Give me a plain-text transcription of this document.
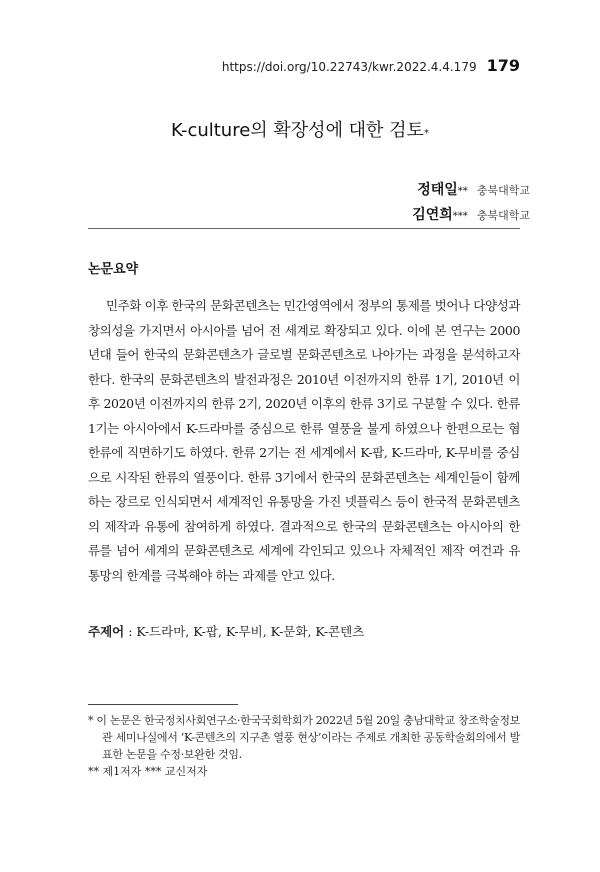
https://doi.org/10.22743/kwr.2022.4.4.179 179
K-culture의 확장성에 대한 검토*
정태일** 충북대학교
김연희*** 충북대학교
논문요약

민주화 이후 한국의 문화콘텐츠는 민간영역에서 정부의 통제를 벗어나 다양성과 창의성을 가지면서 아시아를 넘어 전 세계로 확장되고 있다. 이에 본 연구는 2000년대 들어 한국의 문화콘텐츠가 글로벌 문화콘텐츠로 나아가는 과정을 분석하고자 한다. 한국의 문화콘텐츠의 발전과정은 2010년 이전까지의 한류 1기, 2010년 이후 2020년 이전까지의 한류 2기, 2020년 이후의 한류 3기로 구분할 수 있다. 한류 1기는 아시아에서 K-드라마를 중심으로 한류 열풍을 불게 하였으나 한편으로는 혐한류에 직면하기도 하였다. 한류 2기는 전 세계에서 K-팝, K-드라마, K-무비를 중심으로 시작된 한류의 열풍이다. 한류 3기에서 한국의 문화콘텐츠는 세계인들이 함께하는 장르로 인식되면서 세계적인 유통망을 가진 넷플릭스 등이 한국적 문화콘텐츠의 제작과 유통에 참여하게 하였다. 결과적으로 한국의 문화콘텐츠는 아시아의 한류를 넘어 세계의 문화콘텐츠로 세계에 각인되고 있으나 자체적인 제작 여건과 유통망의 한계를 극복해야 하는 과제를 안고 있다.

주제어 : K-드라마, K-팝, K-무비, K-문화, K-콘텐츠
* 이 논문은 한국정치사회연구소·한국국회학회가 2022년 5월 20일 충남대학교 창조학술정보관 세미나실에서 ‘K-콘텐츠의 지구촌 열풍 현상’이라는 주제로 개최한 공동학술회의에서 발표한 논문을 수정·보완한 것임.
** 제1저자 *** 교신저자
